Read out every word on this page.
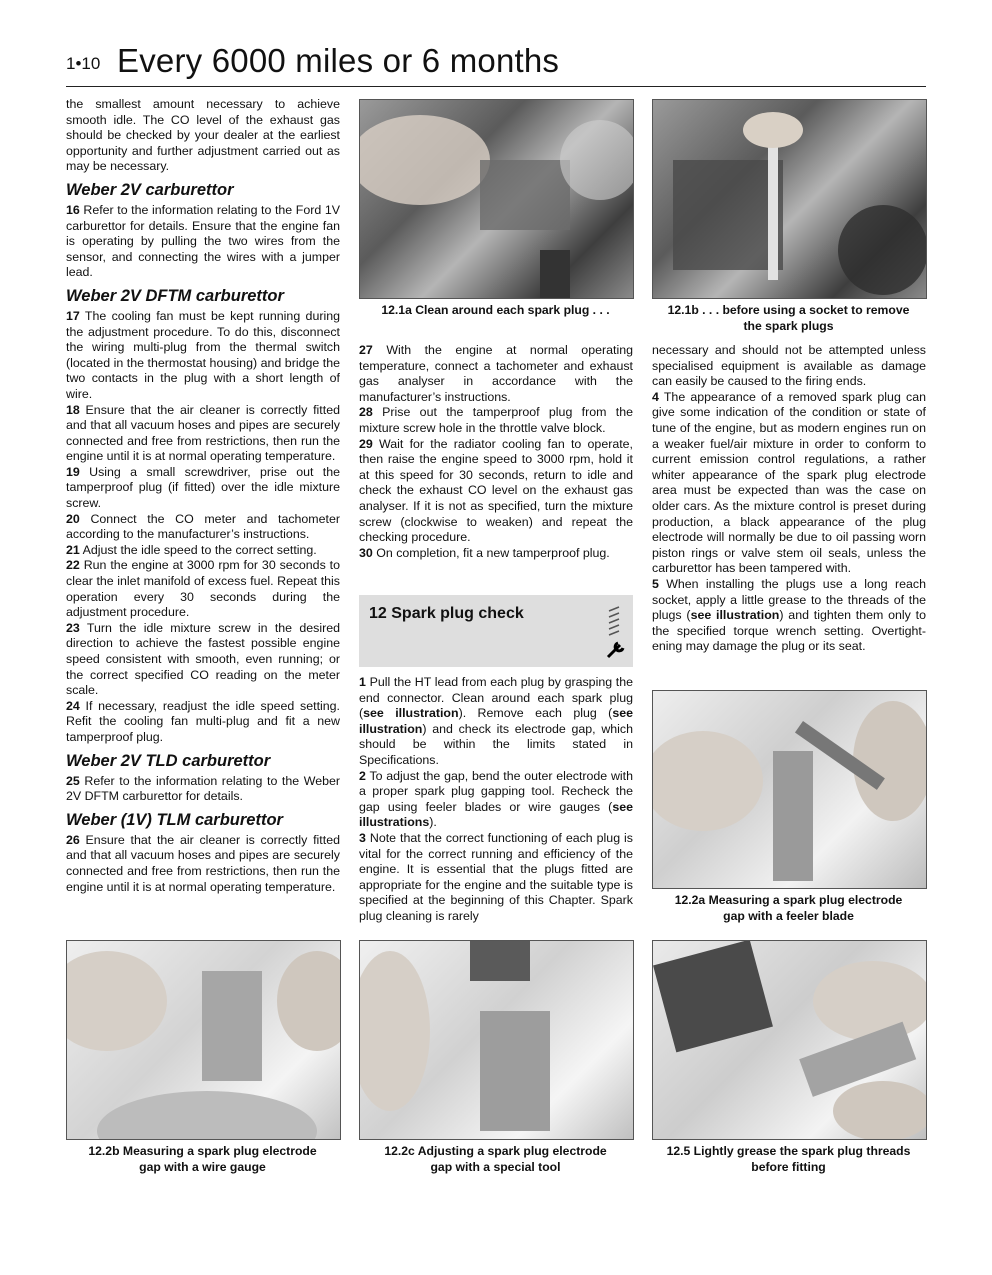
1•10 Every 6000 miles or 6 months

the smallest amount necessary to achieve smooth idle. The CO level of the exhaust gas should be checked by your dealer at the earliest opportunity and further adjustment carried out as may be necessary.

Weber 2V carburettor

16 Refer to the information relating to the Ford 1V carburettor for details. Ensure that the engine fan is operating by pulling the two wires from the sensor, and connecting the wires with a jumper lead.

Weber 2V DFTM carburettor

17 The cooling fan must be kept running during the adjustment procedure. To do this, disconnect the wiring multi-plug from the thermal switch (located in the thermostat housing) and bridge the two contacts in the plug with a short length of wire.

18 Ensure that the air cleaner is correctly fitted and that all vacuum hoses and pipes are securely connected and free from restrictions, then run the engine until it is at normal operating temperature.

19 Using a small screwdriver, prise out the tamperproof plug (if fitted) over the idle mixture screw.

20 Connect the CO meter and tachometer according to the manufacturer’s instructions.

21 Adjust the idle speed to the correct setting.

22 Run the engine at 3000 rpm for 30 seconds to clear the inlet manifold of excess fuel. Repeat this operation every 30 seconds during the adjustment procedure.

23 Turn the idle mixture screw in the desired direction to achieve the fastest possible engine speed consistent with smooth, even running; or the correct specified CO reading on the meter scale.

24 If necessary, readjust the idle speed setting. Refit the cooling fan multi-plug and fit a new tamperproof plug.

Weber 2V TLD carburettor

25 Refer to the information relating to the Weber 2V DFTM carburettor for details.

Weber (1V) TLM carburettor

26 Ensure that the air cleaner is correctly fitted and that all vacuum hoses and pipes are securely connected and free from restrictions, then run the engine until it is at normal operating temperature.

12.1a Clean around each spark plug . . .	12.1b . . . before using a socket to remove
the spark plugs

27 With the engine at normal operating temperature, connect a tachometer and exhaust gas analyser in accordance with the manufacturer’s instructions.

28 Prise out the tamperproof plug from the mixture screw hole in the throttle valve block.

29 Wait for the radiator cooling fan to operate, then raise the engine speed to 3000 rpm, hold it at this speed for 30 seconds, return to idle and check the exhaust CO level on the exhaust gas analyser. If it is not as specified, turn the mixture screw (clockwise to weaken) and repeat the checking procedure.

30 On completion, fit a new tamperproof plug.

12 Spark plug check

1 Pull the HT lead from each plug by grasping the end connector. Clean around each spark plug (see illustration). Remove each plug (see illustration) and check its electrode gap, which should be within the limits stated in Specifications.

2 To adjust the gap, bend the outer electrode with a proper spark plug gapping tool. Recheck the gap using feeler blades or wire gauges (see illustrations).

3 Note that the correct functioning of each plug is vital for the correct running and efficiency of the engine. It is essential that the plugs fitted are appropriate for the engine and the suitable type is specified at the beginning of this Chapter. Spark plug cleaning is rarely

necessary and should not be attempted unless specialised equipment is available as damage can easily be caused to the firing ends.

4 The appearance of a removed spark plug can give some indication of the condition or state of tune of the engine, but as modern engines run on a weaker fuel/air mixture in order to conform to current emission control regulations, a rather whiter appearance of the spark plug electrode area must be expected than was the case on older cars. As the mixture control is preset during production, a black appearance of the plug electrode will normally be due to oil passing worn piston rings or valve stem oil seals, unless the carburettor has been tampered with.

5 When installing the plugs use a long reach socket, apply a little grease to the threads of the plugs (see illustration) and tighten them only to the specified torque wrench setting. Overtight-ening may damage the plug or its seat.

12.2a Measuring a spark plug electrode
gap with a feeler blade
12.2b Measuring a spark plug electrode
gap with a wire gauge
12.2c Adjusting a spark plug electrode
gap with a special tool
12.5 Lightly grease the spark plug threads
before fitting
